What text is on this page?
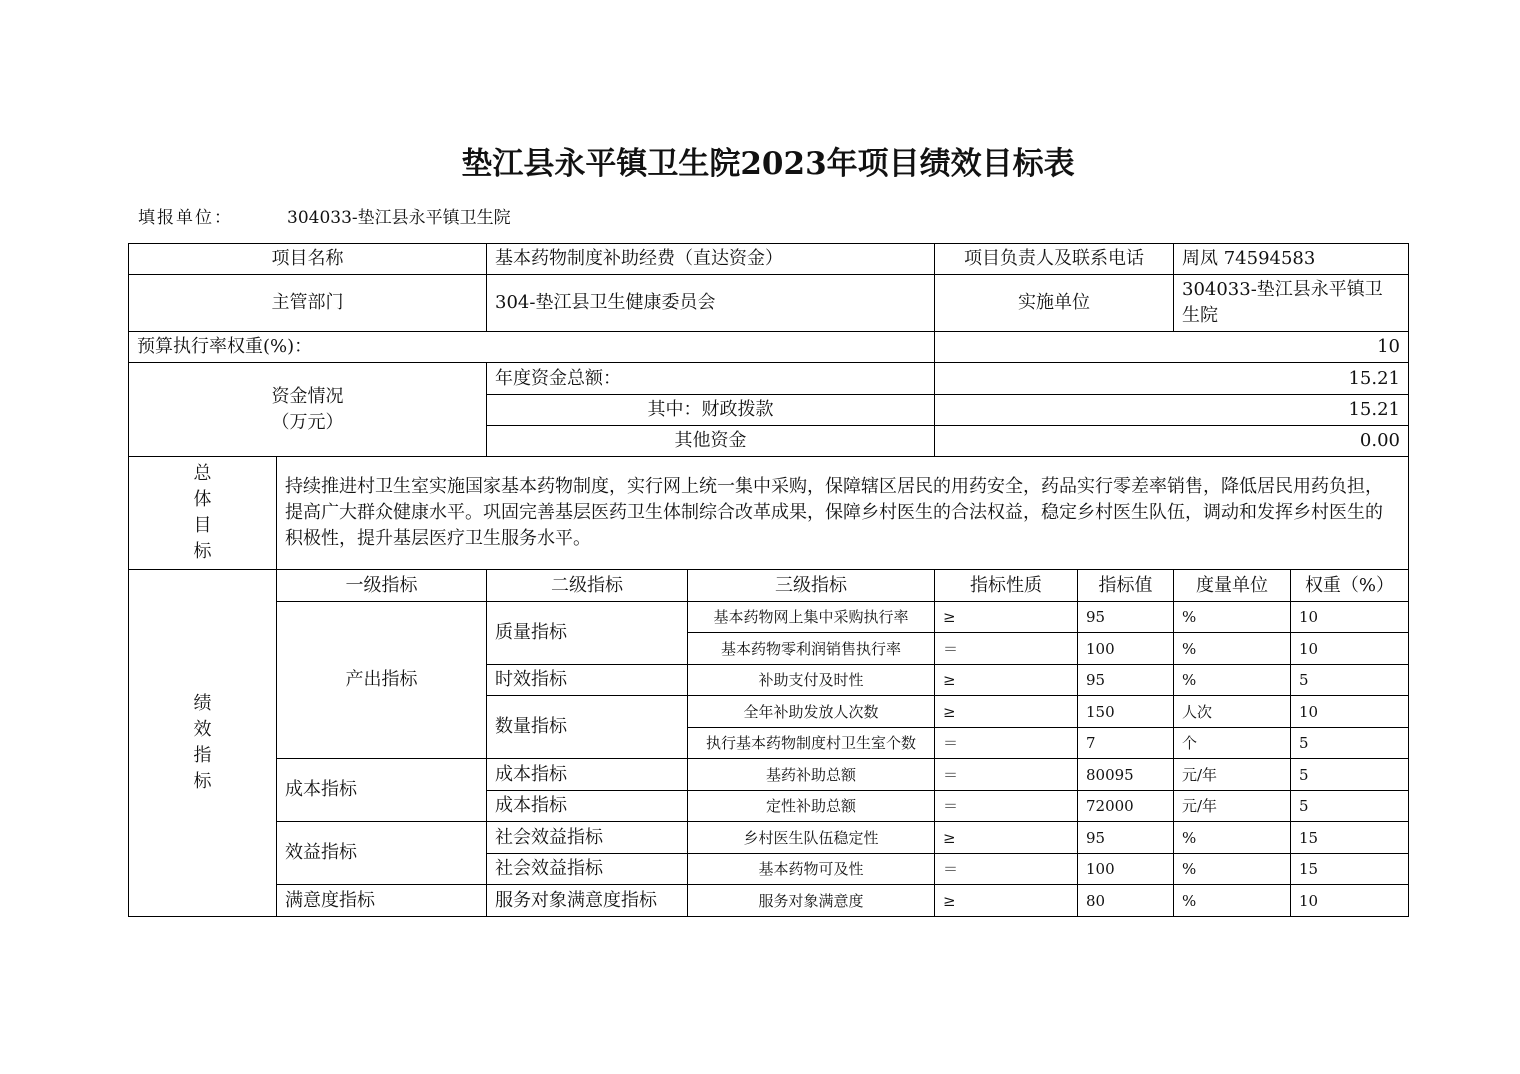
垫江县永平镇卫生院2023年项目绩效目标表
填报单位：	304033-垫江县永平镇卫生院
项目名称		基本药物制度补助经费（直达资金）		项目负责人及联系电话		周凤 74594583	
主管部门		304-垫江县卫生健康委员会		实施单位		304033-垫江县永平镇卫生院	
预算执行率权重(%)：				10			

资金情况
（万元）		年度资金总额：		15.21			
		其中：财政拨款		15.21			
		其他资金		0.00			

总
体
目
标	持续推进村卫生室实施国家基本药物制度，实行网上统一集中采购，保障辖区居民的用药安全，药品实行零差率销售，降低居民用药负担，提高广大群众健康水平。巩固完善基层医药卫生体制综合改革成果，保障乡村医生的合法权益，稳定乡村医生队伍，调动和发挥乡村医生的积极性，提升基层医疗卫生服务水平。						

绩
效
指
标	一级指标	二级指标	三级指标	指标性质	指标值	度量单位	权重（%）
	产出指标	质量指标	基本药物网上集中采购执行率	≥	95	%	10
			基本药物零利润销售执行率	＝	100	%	10
		时效指标	补助支付及时性	≥	95	%	5
		数量指标	全年补助发放人次数	≥	150	人次	10
			执行基本药物制度村卫生室个数	＝	7	个	5
	成本指标	成本指标	基药补助总额	＝	80095	元/年	5
		成本指标	定性补助总额	＝	72000	元/年	5
	效益指标	社会效益指标	乡村医生队伍稳定性	≥	95	%	15
		社会效益指标	基本药物可及性	＝	100	%	15
	满意度指标	服务对象满意度指标	服务对象满意度	≥	80	%	10
